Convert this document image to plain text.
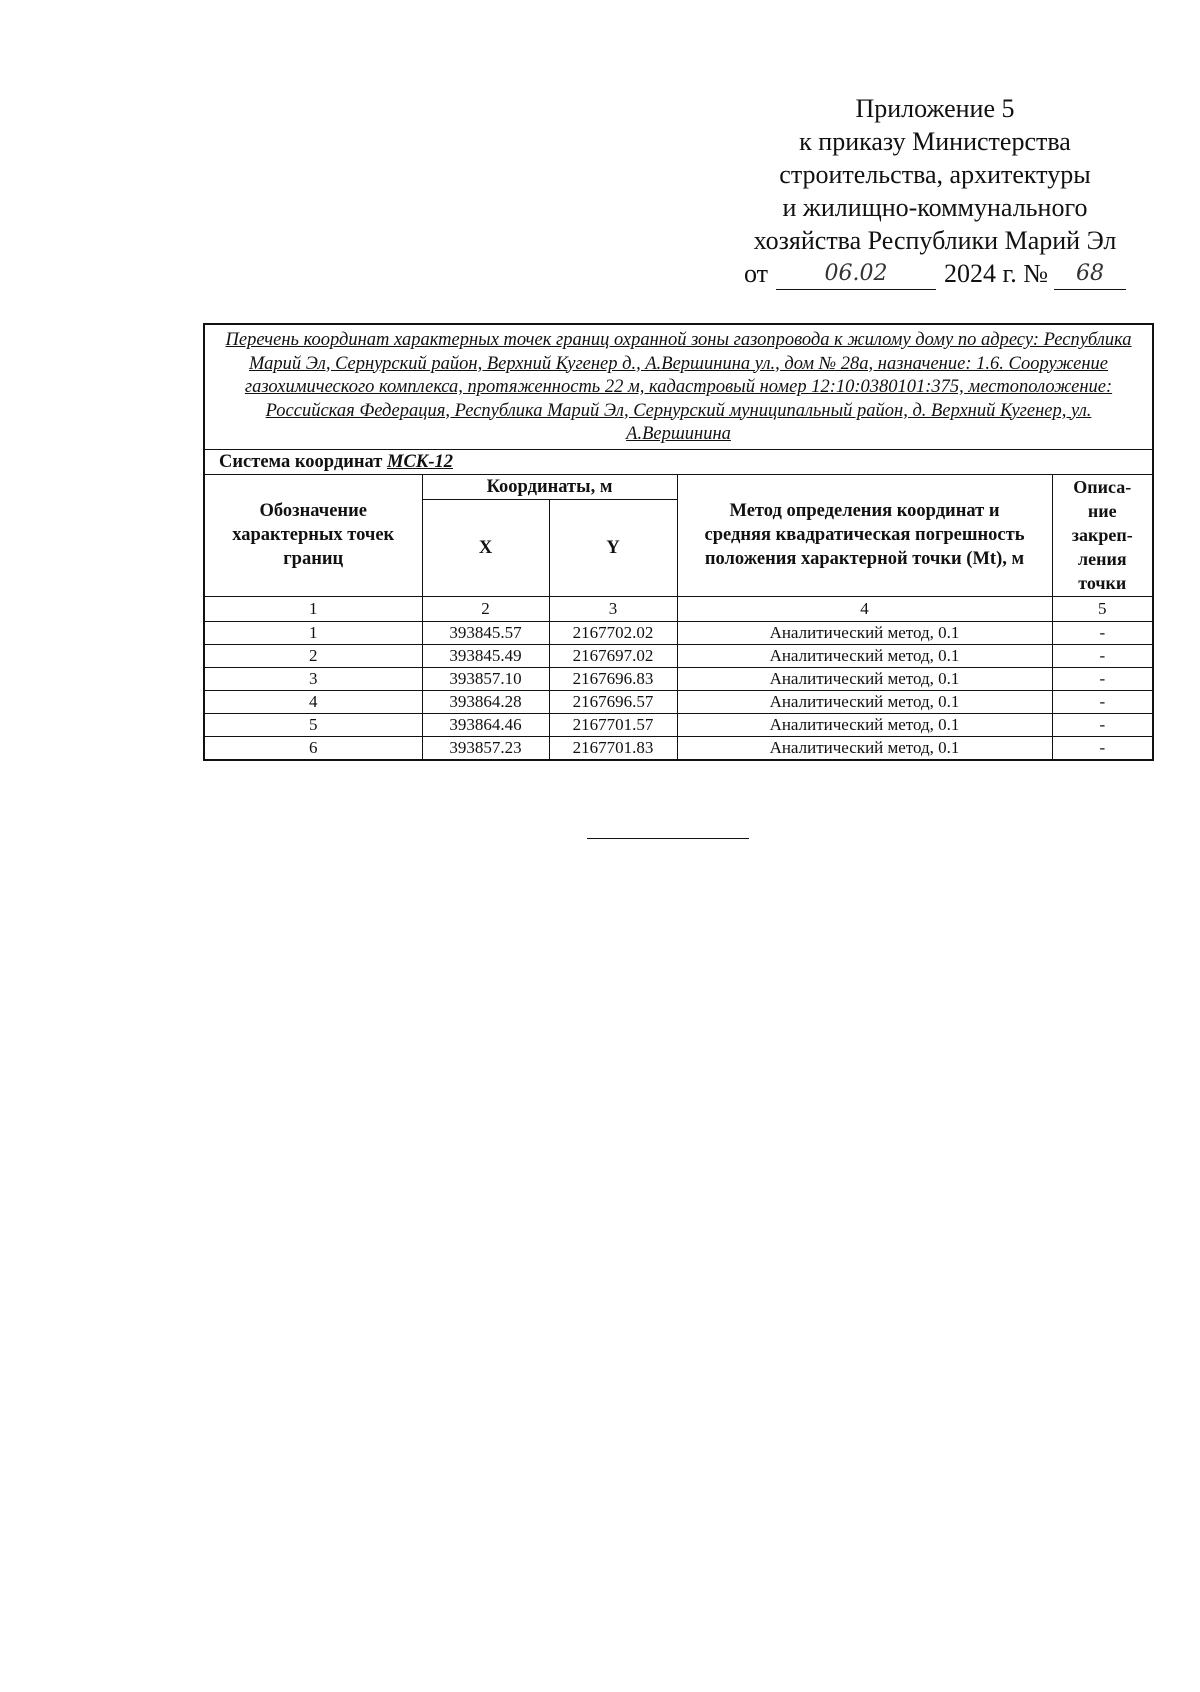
Приложение 5
к приказу Министерства
строительства, архитектуры
и жилищно-коммунального
хозяйства Республики Марий Эл
от	06.02	2024 г. №	68
Перечень координат характерных точек границ охранной зоны газопровода к жилому дому по адресу: Республика Марий Эл, Сернурский район, Верхний Кугенер д., А.Вершинина ул., дом № 28а, назначение: 1.6. Сооружение газохимического комплекса, протяженность 22 м, кадастровый номер 12:10:0380101:375, местоположение: Российская Федерация, Республика Марий Эл, Сернурский муниципальный район, д. Верхний Кугенер, ул. А.Вершинина				
Система координат МСК-12				
Обозначение характерных точек границ	Координаты, м		Метод определения координат и средняя квадратическая погрешность положения характерной точки (Mt), м	Описа-ние закреп-ления точки
	X	Y		
1	2	3	4	5
1	393845.57	2167702.02	Аналитический метод, 0.1	-
2	393845.49	2167697.02	Аналитический метод, 0.1	-
3	393857.10	2167696.83	Аналитический метод, 0.1	-
4	393864.28	2167696.57	Аналитический метод, 0.1	-
5	393864.46	2167701.57	Аналитический метод, 0.1	-
6	393857.23	2167701.83	Аналитический метод, 0.1	-
